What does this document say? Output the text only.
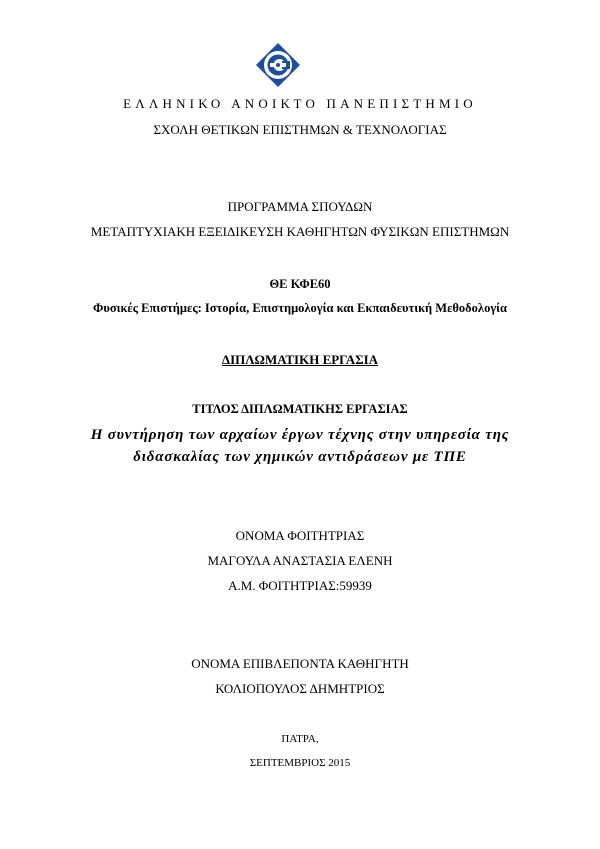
ΕΛΛΗΝΙΚΟ ΑΝΟΙΚΤΟ ΠΑΝΕΠΙΣΤΗΜΙΟ
ΣΧΟΛΗ ΘΕΤΙΚΩΝ ΕΠΙΣΤΗΜΩΝ & ΤΕΧΝΟΛΟΓΙΑΣ
ΠΡΟΓΡΑΜΜΑ ΣΠΟΥΔΩΝ
ΜΕΤΑΠΤΥΧΙΑΚΗ ΕΞΕΙΔΙΚΕΥΣΗ ΚΑΘΗΓΗΤΩΝ ΦΥΣΙΚΩΝ ΕΠΙΣΤΗΜΩΝ
ΘΕ ΚΦΕ60
Φυσικές Επιστήμες: Ιστορία, Επιστημολογία και Εκπαιδευτική Μεθοδολογία
ΔΙΠΛΩΜΑΤΙΚΗ ΕΡΓΑΣΙΑ
ΤΙΤΛΟΣ ΔΙΠΛΩΜΑΤΙΚΗΣ ΕΡΓΑΣΙΑΣ
Η συντήρηση των αρχαίων έργων τέχνης στην υπηρεσία της
διδασκαλίας των χημικών αντιδράσεων με ΤΠΕ
ΟΝΟΜΑ ΦΟΙΤΗΤΡΙΑΣ
ΜΑΓΟΥΛΑ ΑΝΑΣΤΑΣΙΑ ΕΛΕΝΗ
Α.Μ. ΦΟΙΤΗΤΡΙΑΣ:59939
ΟΝΟΜΑ ΕΠΙΒΛΕΠΟΝΤΑ ΚΑΘΗΓΗΤΗ
ΚΟΛΙΟΠΟΥΛΟΣ ΔΗΜΗΤΡΙΟΣ
ΠΑΤΡΑ,
ΣΕΠΤΕΜΒΡΙΟΣ 2015
